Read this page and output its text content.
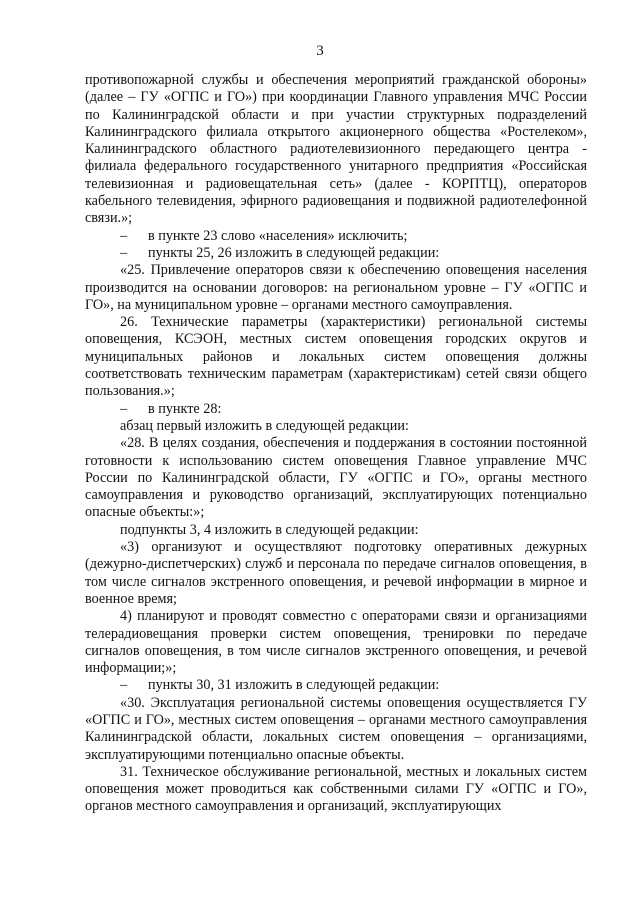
3

противопожарной службы и обеспечения мероприятий гражданской обороны» (далее – ГУ «ОГПС и ГО») при координации Главного управления МЧС России по Калининградской области и при участии структурных подразделений Калининградского филиала открытого акционерного общества «Ростелеком», Калининградского областного радиотелевизионного передающего центра - филиала федерального государственного унитарного предприятия «Российская телевизионная и радиовещательная сеть» (далее - КОРПТЦ), операторов кабельного телевидения, эфирного радиовещания и подвижной радиотелефонной связи.»;

– в пункте 23 слово «населения» исключить;

– пункты 25, 26 изложить в следующей редакции:

«25. Привлечение операторов связи к обеспечению оповещения населения производится на основании договоров: на региональном уровне – ГУ «ОГПС и ГО», на муниципальном уровне – органами местного самоуправления.

26. Технические параметры (характеристики) региональной системы оповещения, КСЭОН, местных систем оповещения городских округов и муниципальных районов и локальных систем оповещения должны соответствовать техническим параметрам (характеристикам) сетей связи общего пользования.»;

– в пункте 28:

абзац первый изложить в следующей редакции:

«28. В целях создания, обеспечения и поддержания в состоянии постоянной готовности к использованию систем оповещения Главное управление МЧС России по Калининградской области, ГУ «ОГПС и ГО», органы местного самоуправления и руководство организаций, эксплуатирующих потенциально опасные объекты:»;

подпункты 3, 4 изложить в следующей редакции:

«3) организуют и осуществляют подготовку оперативных дежурных (дежурно-диспетчерских) служб и персонала по передаче сигналов оповещения, в том числе сигналов экстренного оповещения, и речевой информации в мирное и военное время;

4) планируют и проводят совместно с операторами связи и организациями телерадиовещания проверки систем оповещения, тренировки по передаче сигналов оповещения, в том числе сигналов экстренного оповещения, и речевой информации;»;

– пункты 30, 31 изложить в следующей редакции:

«30. Эксплуатация региональной системы оповещения осуществляется ГУ «ОГПС и ГО», местных систем оповещения – органами местного самоуправления Калининградской области, локальных систем оповещения – организациями, эксплуатирующими потенциально опасные объекты.

31. Техническое обслуживание региональной, местных и локальных систем оповещения может проводиться как собственными силами ГУ «ОГПС и ГО», органов местного самоуправления и организаций, эксплуатирующих
